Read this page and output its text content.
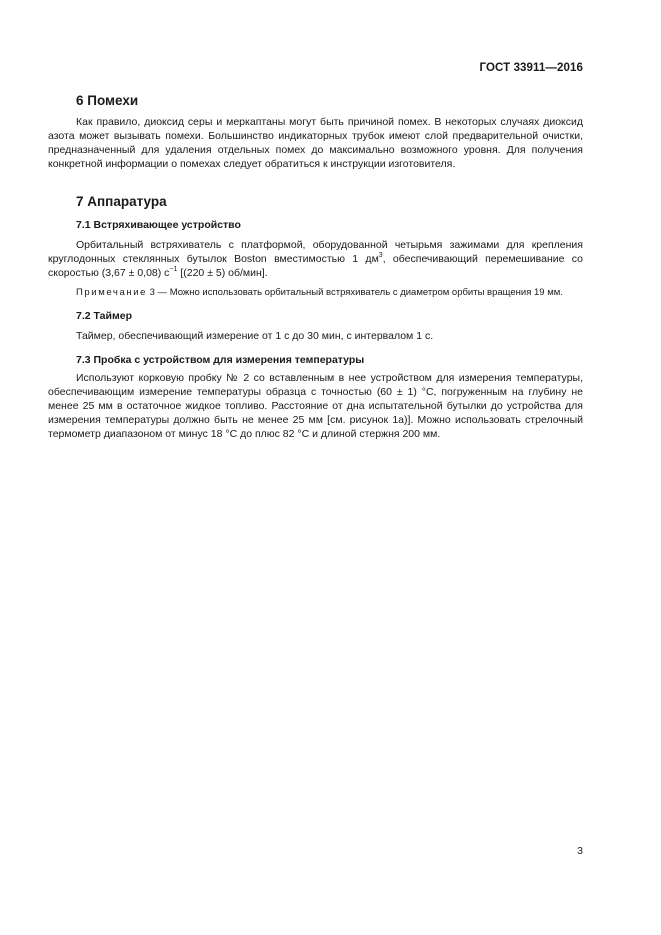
ГОСТ 33911—2016
6 Помехи

Как правило, диоксид серы и меркаптаны могут быть причиной помех. В некоторых случаях диоксид азота может вызывать помехи. Большинство индикаторных трубок имеют слой предварительной очистки, предназначенный для удаления отдельных помех до максимально возможного уровня. Для получения конкретной информации о помехах следует обратиться к инструкции изготовителя.

7 Аппаратура
7.1 Встряхивающее устройство

Орбитальный встряхиватель с платформой, оборудованной четырьмя зажимами для крепления круглодонных стеклянных бутылок Boston вместимостью 1 $дм^3$, обеспечивающий перемешивание со скоростью (3,67 ± 0,08) $с^{-1}$ [(220 ± 5) об/мин].

Примечание 3 — Можно использовать орбитальный встряхиватель с диаметром орбиты вращения 19 мм.

7.2 Таймер

Таймер, обеспечивающий измерение от 1 с до 30 мин, с интервалом 1 с.

7.3 Пробка с устройством для измерения температуры

Используют корковую пробку № 2 со вставленным в нее устройством для измерения температуры, обеспечивающим измерение температуры образца с точностью (60 ± 1) °С, погруженным на глубину не менее 25 мм в остаточное жидкое топливо. Расстояние от дна испытательной бутылки до устройства для измерения температуры должно быть не менее 25 мм [см. рисунок 1а)]. Можно использовать стрелочный термометр диапазоном от минус 18 °С до плюс 82 °С и длиной стержня 200 мм.

3
